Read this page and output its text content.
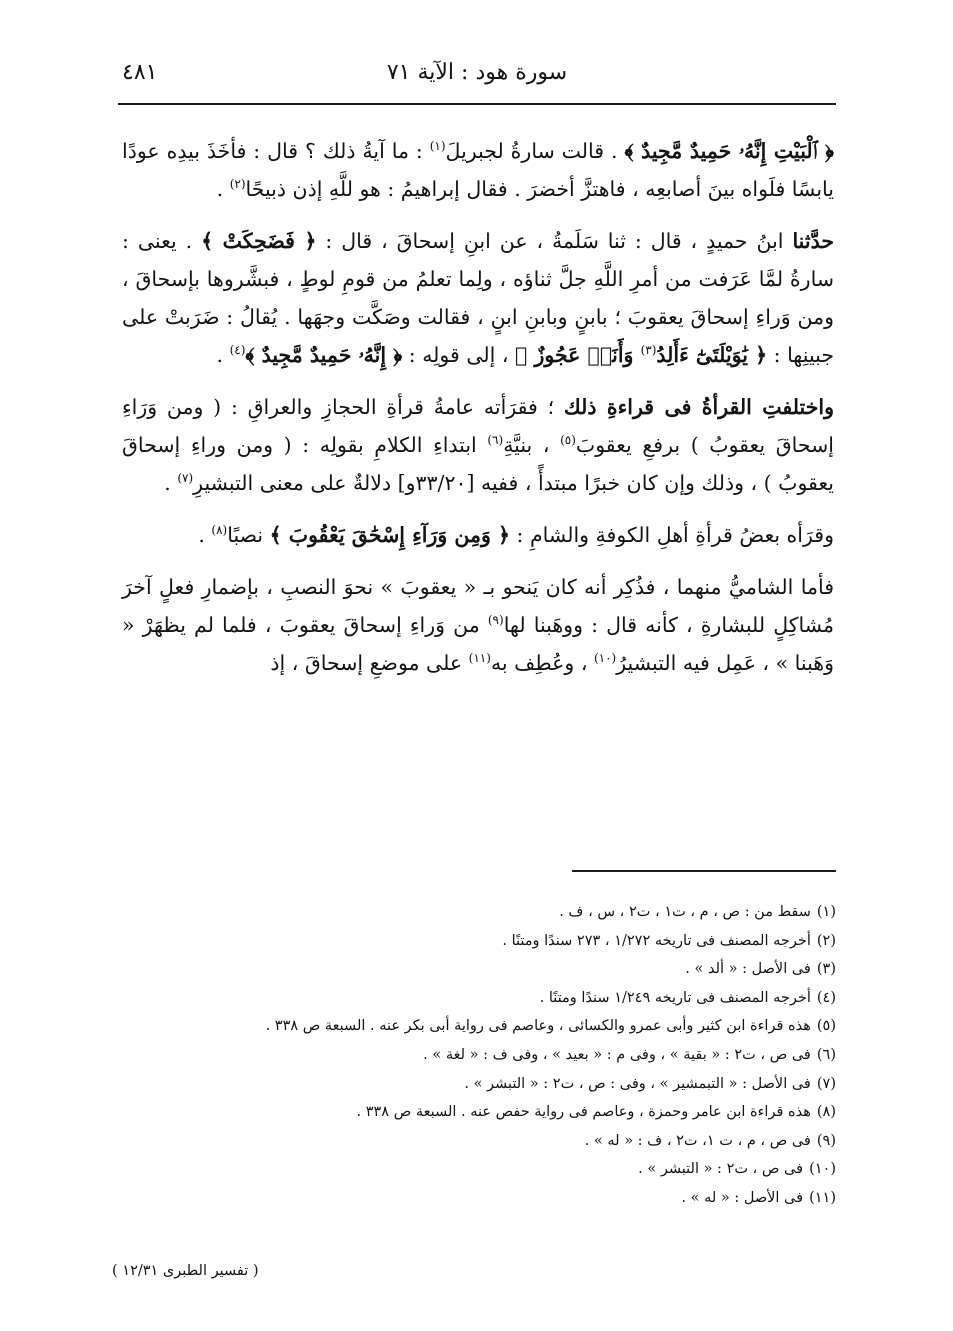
سورة هود : الآية ٧١
٤٨١

﴿ ٱلْبَيْتِ إِنَّهُۥ حَمِيدٌ مَّجِيدٌ ﴾ . قالت سارةُ لجبريلَ$^{(١)}$ : ما آيةُ ذلك ؟ قال : فأخَذَ بيدِه عودًا يابسًا فلَواه بينَ أصابعِه ، فاهتزَّ أخضرَ . فقال إبراهيمُ : هو للَّهِ إذن ذبيحًا$^{(٢)}$ .

حدَّثنا ابنُ حميدٍ ، قال : ثنا سَلَمةُ ، عن ابنِ إسحاقَ ، قال : ﴿ فَضَحِكَتْ ﴾ . يعنى : سارةُ لمَّا عَرَفت من أمرِ اللَّهِ جلَّ ثناؤه ، ولِما تعلمُ من قومِ لوطٍ ، فبشَّروها بإسحاقَ ، ومن وَراءِ إسحاقَ يعقوبَ ؛ بابنٍ وبابنِ ابنٍ ، فقالت وصَكَّت وجهَها . يُقالُ : ضَرَبتْ على جبينِها : ﴿ يَٰوَيْلَتَىٰٓ ءَأَلِدُ$^{(٣)}$ وَأَنَا۠ عَجُوزٌ ﴾ ، إلى قولِه : ﴿ إِنَّهُۥ حَمِيدٌ مَّجِيدٌ ﴾$^{(٤)}$ .

واختلفتِ القرأةُ فى قراءةِ ذلك ؛ فقرَأته عامةُ قرأةِ الحجازِ والعراقِ : ( ومن وَرَاءِ إسحاقَ يعقوبُ ) برفعِ يعقوبَ$^{(٥)}$ ، بنيَّةِ$^{(٦)}$ ابتداءِ الكلامِ بقولِه : ( ومن وراءِ إسحاقَ يعقوبُ ) ، وذلك وإن كان خبرًا مبتدأً ، ففيه [٣٣/٢٠و] دلالةٌ على معنى التبشيرِ$^{(٧)}$ .

وقرَأه بعضُ قرأةِ أهلِ الكوفةِ والشامِ : ﴿ وَمِن وَرَآءِ إِسْحَٰقَ يَعْقُوبَ ﴾ نصبًا$^{(٨)}$ .

فأما الشاميُّ منهما ، فذُكِر أنه كان يَنحو بـ « يعقوبَ » نحوَ النصبِ ، بإضمارِ فعلٍ آخرَ مُشاكِلٍ للبشارةِ ، كأنه قال : ووهَبنا لها$^{(٩)}$ من وَراءِ إسحاقَ يعقوبَ ، فلما لم يظهَرْ « وَهَبنا » ، عَمِل فيه التبشيرُ$^{(١٠)}$ ، وعُطِف به$^{(١١)}$ على موضعِ إسحاقَ ، إذ

(١)سقط من : ص ، م ، ت١ ، ت٢ ، س ، ف .
(٢)أخرجه المصنف فى تاريخه ١/٢٧٢ ، ٢٧٣ سندًا ومتنًا .
(٣)فى الأصل : « ألد » .
(٤)أخرجه المصنف فى تاريخه ١/٢٤٩ سندًا ومتنًا .
(٥)هذه قراءة ابن كثير وأبى عمرو والكسائى ، وعاصم فى رواية أبى بكر عنه . السبعة ص ٣٣٨ .
(٦)فى ص ، ت٢ : « بقية » ، وفى م : « بعيد » ، وفى ف : « لغة » .
(٧)فى الأصل : « التبمشير » ، وفى : ص ، ت٢ : « التبشر » .
(٨)هذه قراءة ابن عامر وحمزة ، وعاصم فى رواية حفص عنه . السبعة ص ٣٣٨ .
(٩)فى ص ، م ، ت ١، ت٢ ، ف : « له » .
(١٠)فى ص ، ت٢ : « التبشر » .
(١١)فى الأصل : « له » .
( تفسير الطبرى ١٢/٣١ )
